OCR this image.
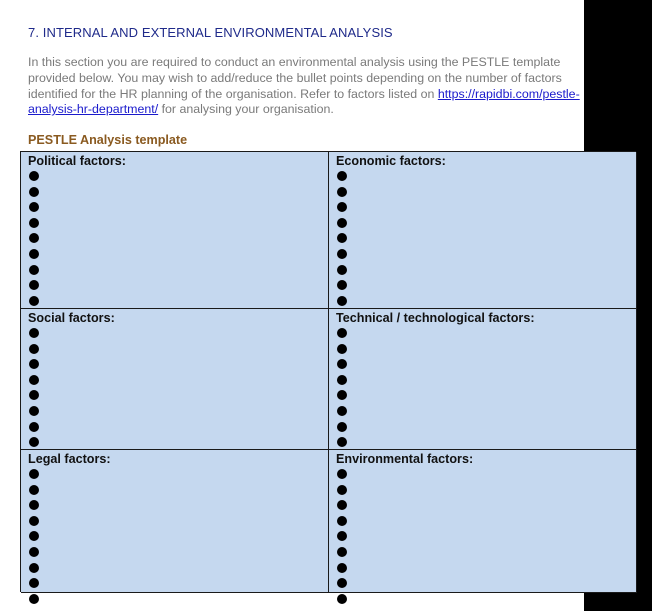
7. INTERNAL AND EXTERNAL ENVIRONMENTAL ANALYSIS
In this section you are required to conduct an environmental analysis using the PESTLE template
provided below. You may wish to add/reduce the bullet points depending on the number of factors
identified for the HR planning of the organisation. Refer to factors listed on https://rapidbi.com/pestle-
analysis-hr-department/ for analysing your organisation.
PESTLE Analysis template
Political factors:	Economic factors:
Social factors:	Technical / technological factors:
Legal factors:	Environmental factors:
